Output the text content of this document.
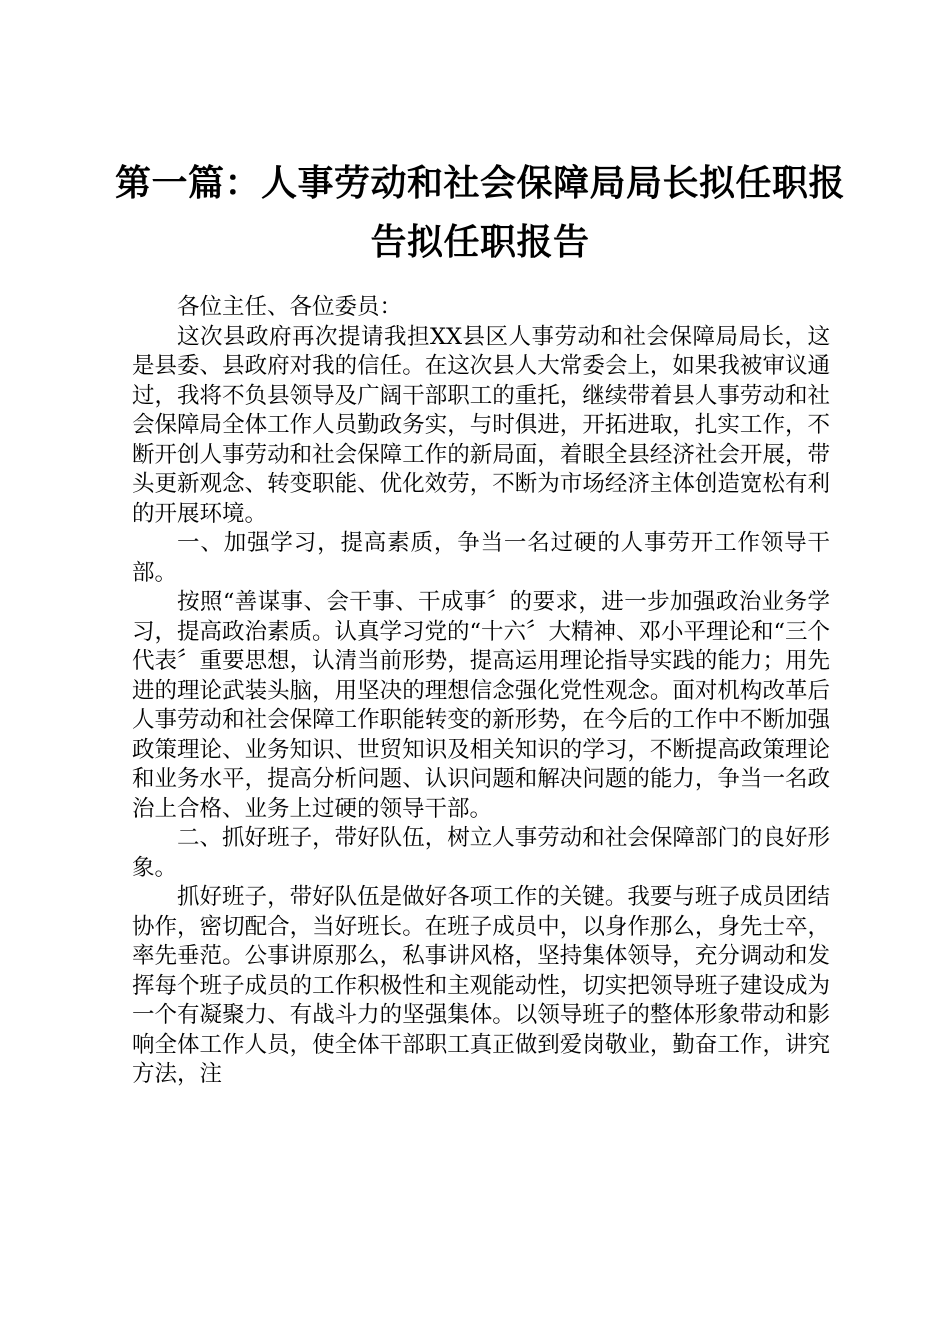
第一篇：人事劳动和社会保障局局长拟任职报
告拟任职报告

各位主任、各位委员：

这次县政府再次提请我担XX县区人事劳动和社会保障局局长，这是县委、县政府对我的信任。在这次县人大常委会上，如果我被审议通过，我将不负县领导及广阔干部职工的重托，继续带着县人事劳动和社会保障局全体工作人员勤政务实，与时俱进，开拓进取，扎实工作，不断开创人事劳动和社会保障工作的新局面，着眼全县经济社会开展，带头更新观念、转变职能、优化效劳，不断为市场经济主体创造宽松有利的开展环境。

一、加强学习，提高素质，争当一名过硬的人事劳开工作领导干部。

按照“善谋事、会干事、干成事〞的要求，进一步加强政治业务学习，提高政治素质。认真学习党的“十六〞大精神、邓小平理论和“三个代表〞重要思想，认清当前形势，提高运用理论指导实践的能力；用先进的理论武装头脑，用坚决的理想信念强化党性观念。面对机构改革后人事劳动和社会保障工作职能转变的新形势，在今后的工作中不断加强政策理论、业务知识、世贸知识及相关知识的学习，不断提高政策理论和业务水平，提高分析问题、认识问题和解决问题的能力，争当一名政治上合格、业务上过硬的领导干部。

二、抓好班子，带好队伍，树立人事劳动和社会保障部门的良好形象。

抓好班子，带好队伍是做好各项工作的关键。我要与班子成员团结协作，密切配合，当好班长。在班子成员中，以身作那么，身先士卒，率先垂范。公事讲原那么，私事讲风格，坚持集体领导，充分调动和发挥每个班子成员的工作积极性和主观能动性，切实把领导班子建设成为一个有凝聚力、有战斗力的坚强集体。以领导班子的整体形象带动和影响全体工作人员，使全体干部职工真正做到爱岗敬业，勤奋工作，讲究方法，注
